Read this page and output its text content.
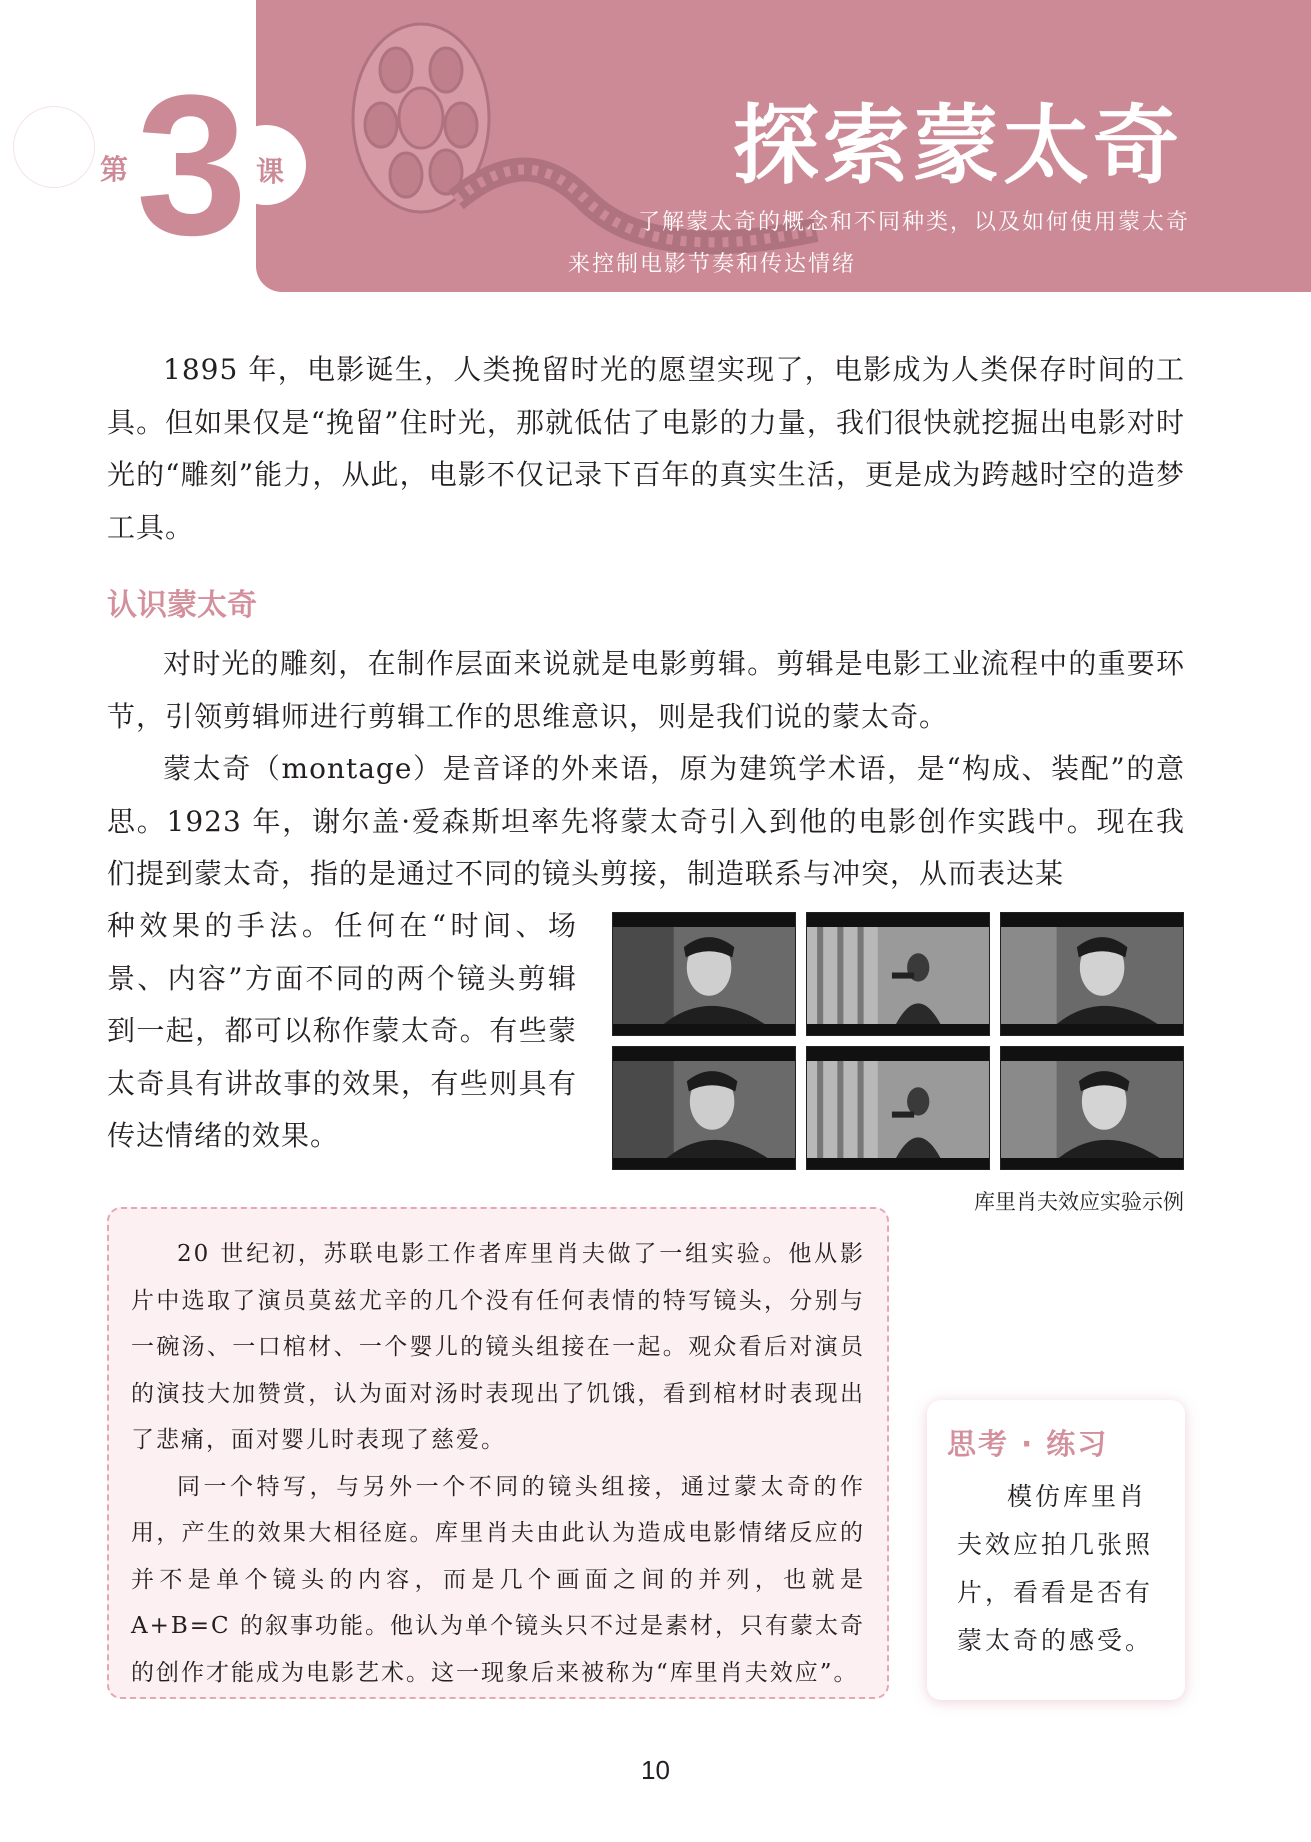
第 3 课	探索蒙太奇
了解蒙太奇的概念和不同种类，以及如何使用蒙太奇
来控制电影节奏和传达情绪

1895 年，电影诞生，人类挽留时光的愿望实现了，电影成为人类保存时间的工具。但如果仅是“挽留”住时光，那就低估了电影的力量，我们很快就挖掘出电影对时光的“雕刻”能力，从此，电影不仅记录下百年的真实生活，更是成为跨越时空的造梦工具。

认识蒙太奇

对时光的雕刻，在制作层面来说就是电影剪辑。剪辑是电影工业流程中的重要环节，引领剪辑师进行剪辑工作的思维意识，则是我们说的蒙太奇。

蒙太奇（montage）是音译的外来语，原为建筑学术语，是“构成、装配”的意思。1923 年，谢尔盖·爱森斯坦率先将蒙太奇引入到他的电影创作实践中。现在我们提到蒙太奇，指的是通过不同的镜头剪接，制造联系与冲突，从而表达某

种效果的手法。任何在“时间、场景、内容”方面不同的两个镜头剪辑到一起，都可以称作蒙太奇。有些蒙太奇具有讲故事的效果，有些则具有传达情绪的效果。

库里肖夫效应实验示例

20 世纪初，苏联电影工作者库里肖夫做了一组实验。他从影片中选取了演员莫兹尤辛的几个没有任何表情的特写镜头，分别与一碗汤、一口棺材、一个婴儿的镜头组接在一起。观众看后对演员的演技大加赞赏，认为面对汤时表现出了饥饿，看到棺材时表现出了悲痛，面对婴儿时表现了慈爱。

同一个特写，与另外一个不同的镜头组接，通过蒙太奇的作用，产生的效果大相径庭。库里肖夫由此认为造成电影情绪反应的并不是单个镜头的内容，而是几个画面之间的并列，也就是 A+B=C 的叙事功能。他认为单个镜头只不过是素材，只有蒙太奇的创作才能成为电影艺术。这一现象后来被称为“库里肖夫效应”。

思考 · 练习

模仿库里肖夫效应拍几张照片，看看是否有蒙太奇的感受。

10
